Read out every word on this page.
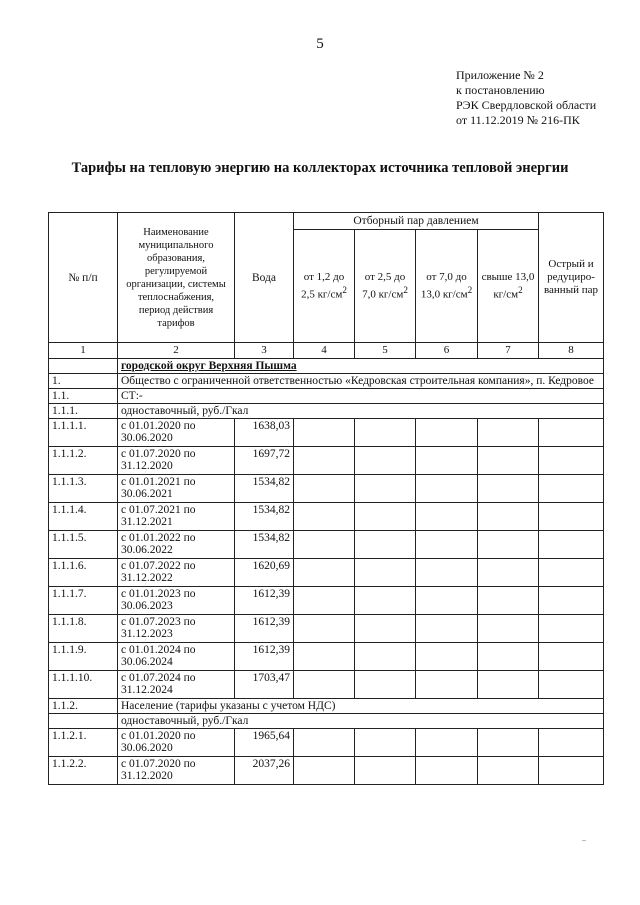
5
Приложение № 2
к постановлению
РЭК Свердловской области
от 11.12.2019 № 216-ПК
Тарифы на тепловую энергию на коллекторах источника тепловой энергии
№ п/п	Наименование муниципального образования, регулируемой организации, системы теплоснабжения, период действия тарифов	Вода	Отборный пар давлением				Острый и редуциро-ванный пар
			от 1,2 до 2,5 $кг/см^2$	от 2,5 до 7,0 $кг/см^2$	от 7,0 до 13,0 $кг/см^2$	свыше 13,0 $кг/см^2$
1	2	3	4	5	6	7	8
	городской округ Верхняя Пышма						
1.	Общество с ограниченной ответственностью «Кедровская строительная компания», п. Кедровое						
1.1.	СТ:-						
1.1.1.	одноставочный, руб./Гкал						
1.1.1.1.	с 01.01.2020 по 30.06.2020	1638,03					
1.1.1.2.	с 01.07.2020 по 31.12.2020	1697,72					
1.1.1.3.	с 01.01.2021 по 30.06.2021	1534,82					
1.1.1.4.	с 01.07.2021 по 31.12.2021	1534,82					
1.1.1.5.	с 01.01.2022 по 30.06.2022	1534,82					
1.1.1.6.	с 01.07.2022 по 31.12.2022	1620,69					
1.1.1.7.	с 01.01.2023 по 30.06.2023	1612,39					
1.1.1.8.	с 01.07.2023 по 31.12.2023	1612,39					
1.1.1.9.	с 01.01.2024 по 30.06.2024	1612,39					
1.1.1.10.	с 01.07.2024 по 31.12.2024	1703,47					
1.1.2.	Население (тарифы указаны с учетом НДС)						
	одноставочный, руб./Гкал						
1.1.2.1.	с 01.01.2020 по 30.06.2020	1965,64					
1.1.2.2.	с 01.07.2020 по 31.12.2020	2037,26					
